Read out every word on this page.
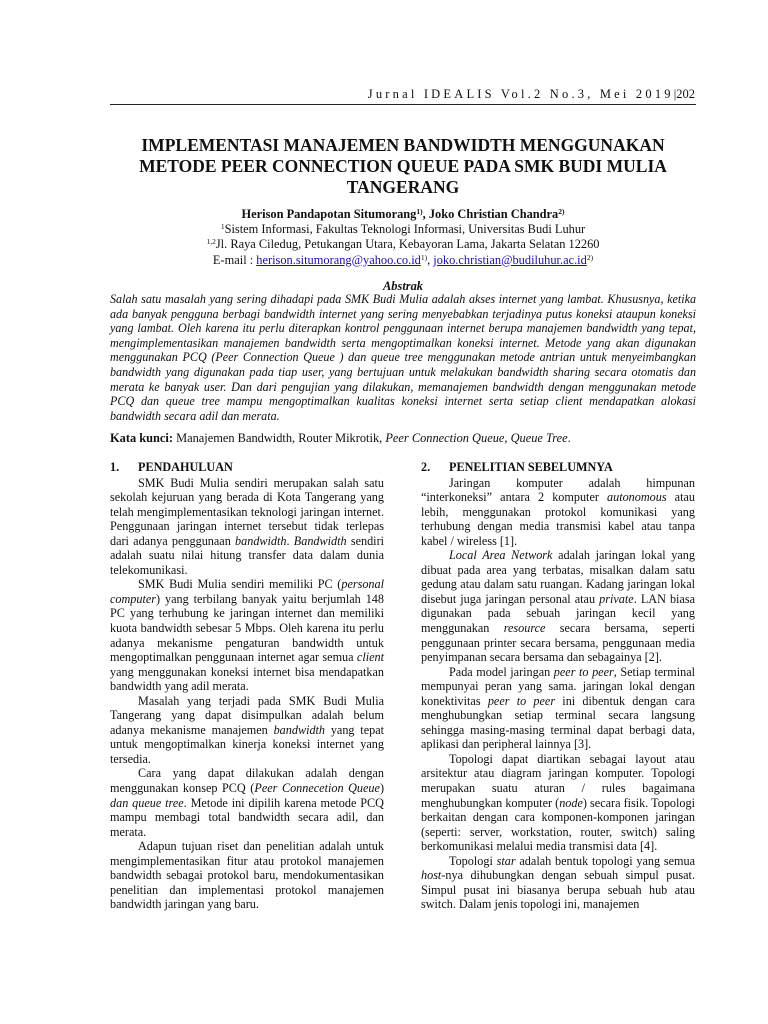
Jurnal IDEALIS Vol.2 No.3, Mei 2019|202
IMPLEMENTASI MANAJEMEN BANDWIDTH MENGGUNAKAN
METODE PEER CONNECTION QUEUE PADA SMK BUDI MULIA
TANGERANG
Herison Pandapotan Situmorang$^{1)}$, Joko Christian Chandra$^{2)}$
$^1$Sistem Informasi, Fakultas Teknologi Informasi, Universitas Budi Luhur
$^{1,2}$Jl. Raya Ciledug, Petukangan Utara, Kebayoran Lama, Jakarta Selatan 12260
E-mail : $herison.situmorang@yahoo.co.id^{1)}$, $joko.christian@budiluhur.ac.id^{2)}$
Abstrak
Salah satu masalah yang sering dihadapi pada SMK Budi Mulia adalah akses internet yang lambat. Khususnya, ketika ada banyak pengguna berbagi bandwidth internet yang sering menyebabkan terjadinya putus koneksi ataupun koneksi yang lambat. Oleh karena itu perlu diterapkan kontrol penggunaan internet berupa manajemen bandwidth yang tepat, mengimplementasikan manajemen bandwidth serta mengoptimalkan koneksi internet. Metode yang akan digunakan menggunakan PCQ (Peer Connection Queue ) dan queue tree menggunakan metode antrian untuk menyeimbangkan bandwidth yang digunakan pada tiap user, yang bertujuan untuk melakukan bandwidth sharing secara otomatis dan merata ke banyak user. Dan dari pengujian yang dilakukan, memanajemen bandwidth dengan menggunakan metode PCQ dan queue tree mampu mengoptimalkan kualitas koneksi internet serta setiap client mendapatkan alokasi bandwidth secara adil dan merata.
Kata kunci: Manajemen Bandwidth, Router Mikrotik, Peer Connection Queue, Queue Tree.
1. PENDAHULUAN

SMK Budi Mulia sendiri merupakan salah satu sekolah kejuruan yang berada di Kota Tangerang yang telah mengimplementasikan teknologi jaringan internet. Penggunaan jaringan internet tersebut tidak terlepas dari adanya penggunaan bandwidth. Bandwidth sendiri adalah suatu nilai hitung transfer data dalam dunia telekomunikasi.

SMK Budi Mulia sendiri memiliki PC (personal computer) yang terbilang banyak yaitu berjumlah 148 PC yang terhubung ke jaringan internet dan memiliki kuota bandwidth sebesar 5 Mbps. Oleh karena itu perlu adanya mekanisme pengaturan bandwidth untuk mengoptimalkan penggunaan internet agar semua client yang menggunakan koneksi internet bisa mendapatkan bandwidth yang adil merata.

Masalah yang terjadi pada SMK Budi Mulia Tangerang yang dapat disimpulkan adalah belum adanya mekanisme manajemen bandwidth yang tepat untuk mengoptimalkan kinerja koneksi internet yang tersedia.

Cara yang dapat dilakukan adalah dengan menggunakan konsep PCQ (Peer Connecetion Queue) dan queue tree. Metode ini dipilih karena metode PCQ mampu membagi total bandwidth secara adil, dan merata.

Adapun tujuan riset dan penelitian adalah untuk mengimplementasikan fitur atau protokol manajemen bandwidth sebagai protokol baru, mendokumentasikan penelitian dan implementasi protokol manajemen bandwidth jaringan yang baru.

2. PENELITIAN SEBELUMNYA

Jaringan komputer adalah himpunan “interkoneksi” antara 2 komputer autonomous atau lebih, menggunakan protokol komunikasi yang terhubung dengan media transmisi kabel atau tanpa kabel / wireless [1].

Local Area Network adalah jaringan lokal yang dibuat pada area yang terbatas, misalkan dalam satu gedung atau dalam satu ruangan. Kadang jaringan lokal disebut juga jaringan personal atau private. LAN biasa digunakan pada sebuah jaringan kecil yang menggunakan resource secara bersama, seperti penggunaan printer secara bersama, penggunaan media penyimpanan secara bersama dan sebagainya [2].

Pada model jaringan peer to peer, Setiap terminal mempunyai peran yang sama. jaringan lokal dengan konektivitas peer to peer ini dibentuk dengan cara menghubungkan setiap terminal secara langsung sehingga masing-masing terminal dapat berbagi data, aplikasi dan peripheral lainnya [3].

Topologi dapat diartikan sebagai layout atau arsitektur atau diagram jaringan komputer. Topologi merupakan suatu aturan / rules bagaimana menghubungkan komputer (node) secara fisik. Topologi berkaitan dengan cara komponen-komponen jaringan (seperti: server, workstation, router, switch) saling berkomunikasi melalui media transmisi data [4].

Topologi star adalah bentuk topologi yang semua host-nya dihubungkan dengan sebuah simpul pusat. Simpul pusat ini biasanya berupa sebuah hub atau switch. Dalam jenis topologi ini, manajemen
